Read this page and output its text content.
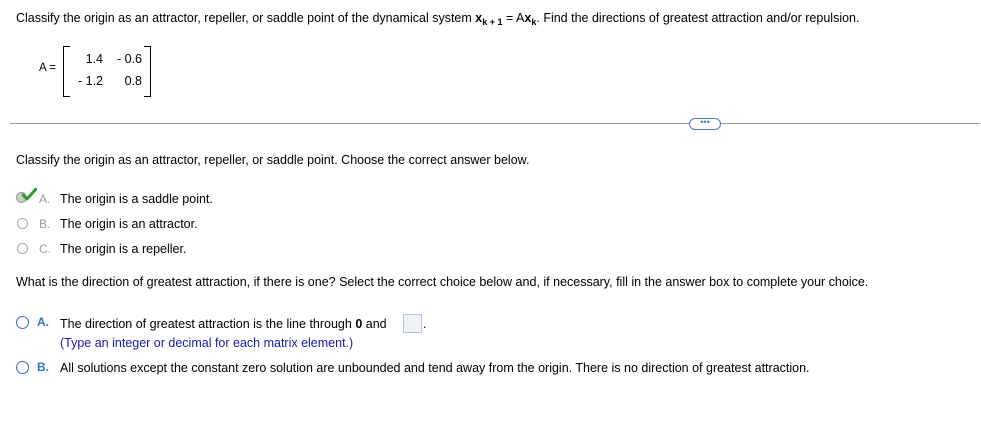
Classify the origin as an attractor, repeller, or saddle point of the dynamical system $x_{k + 1} = Ax_k$. Find the directions of greatest attraction and/or repulsion.
A =
1.4	- 0.6
- 1.2	0.8
•••
Classify the origin as an attractor, repeller, or saddle point. Choose the correct answer below.
A. The origin is a saddle point.
B. The origin is an attractor.
C. The origin is a repeller.
What is the direction of greatest attraction, if there is one? Select the correct choice below and, if necessary, fill in the answer box to complete your choice.
A. The direction of greatest attraction is the line through 0 and	.
(Type an integer or decimal for each matrix element.)
B. All solutions except the constant zero solution are unbounded and tend away from the origin. There is no direction of greatest attraction.
